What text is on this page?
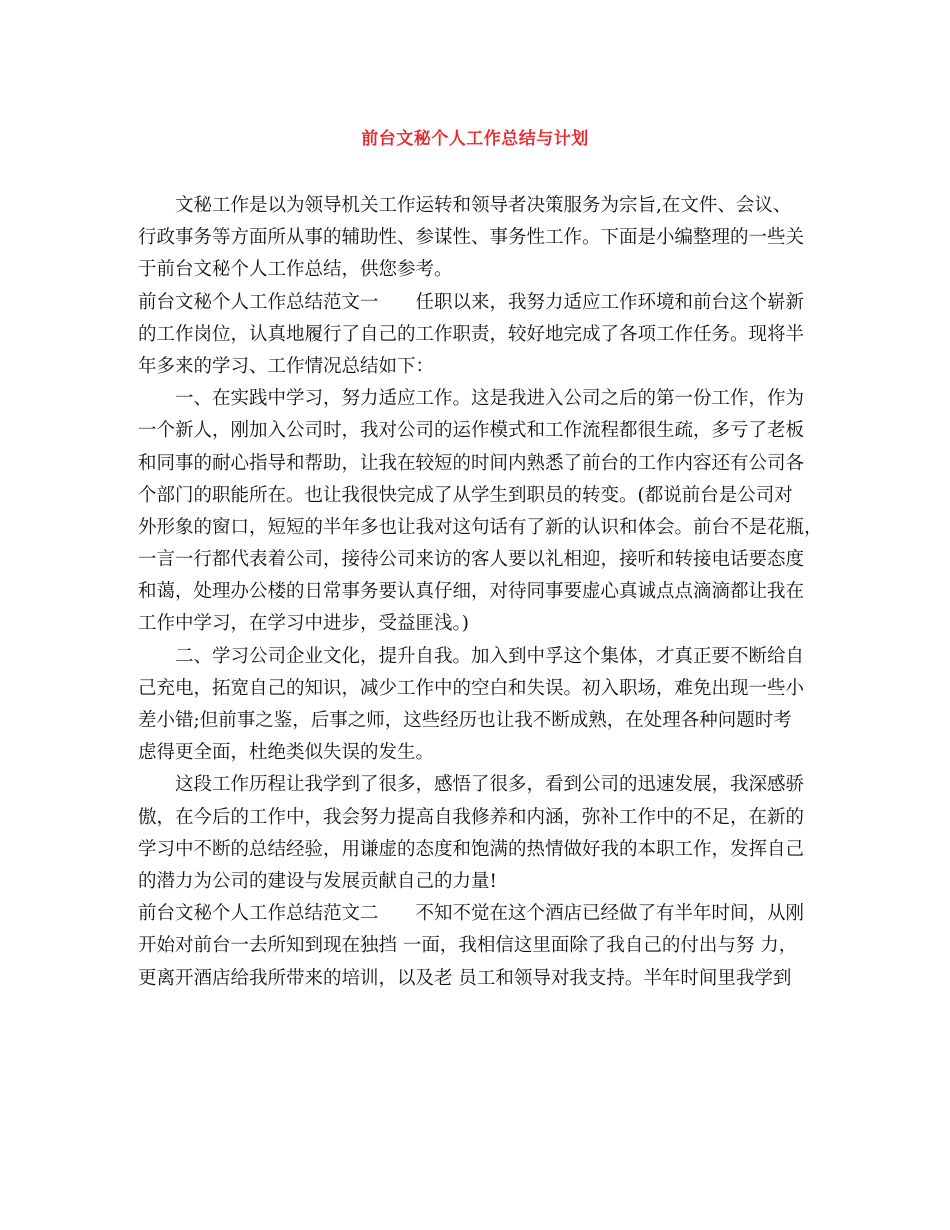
前台文秘个人工作总结与计划
文秘工作是以为领导机关工作运转和领导者决策服务为宗旨,在文件、会议、
行政事务等方面所从事的辅助性、参谋性、事务性工作。下面是小编整理的一些关
于前台文秘个人工作总结，供您参考。
前台文秘个人工作总结范文一　　任职以来，我努力适应工作环境和前台这个崭新
的工作岗位，认真地履行了自己的工作职责，较好地完成了各项工作任务。现将半
年多来的学习、工作情况总结如下：
一、在实践中学习，努力适应工作。这是我进入公司之后的第一份工作，作为
一个新人，刚加入公司时，我对公司的运作模式和工作流程都很生疏，多亏了老板
和同事的耐心指导和帮助，让我在较短的时间内熟悉了前台的工作内容还有公司各
个部门的职能所在。也让我很快完成了从学生到职员的转变。(都说前台是公司对
外形象的窗口，短短的半年多也让我对这句话有了新的认识和体会。前台不是花瓶，
一言一行都代表着公司，接待公司来访的客人要以礼相迎，接听和转接电话要态度
和蔼，处理办公楼的日常事务要认真仔细，对待同事要虚心真诚点点滴滴都让我在
工作中学习，在学习中进步，受益匪浅。)
二、学习公司企业文化，提升自我。加入到中孚这个集体，才真正要不断给自
己充电，拓宽自己的知识，减少工作中的空白和失误。初入职场，难免出现一些小
差小错;但前事之鉴，后事之师，这些经历也让我不断成熟，在处理各种问题时考
虑得更全面，杜绝类似失误的发生。
这段工作历程让我学到了很多，感悟了很多，看到公司的迅速发展，我深感骄
傲，在今后的工作中，我会努力提高自我修养和内涵，弥补工作中的不足，在新的
学习中不断的总结经验，用谦虚的态度和饱满的热情做好我的本职工作，发挥自己
的潜力为公司的建设与发展贡献自己的力量!
前台文秘个人工作总结范文二　　不知不觉在这个酒店已经做了有半年时间，从刚
开始对前台一去所知到现在独挡 一面，我相信这里面除了我自己的付出与努 力，
更离开酒店给我所带来的培训，以及老 员工和领导对我支持。半年时间里我学到
